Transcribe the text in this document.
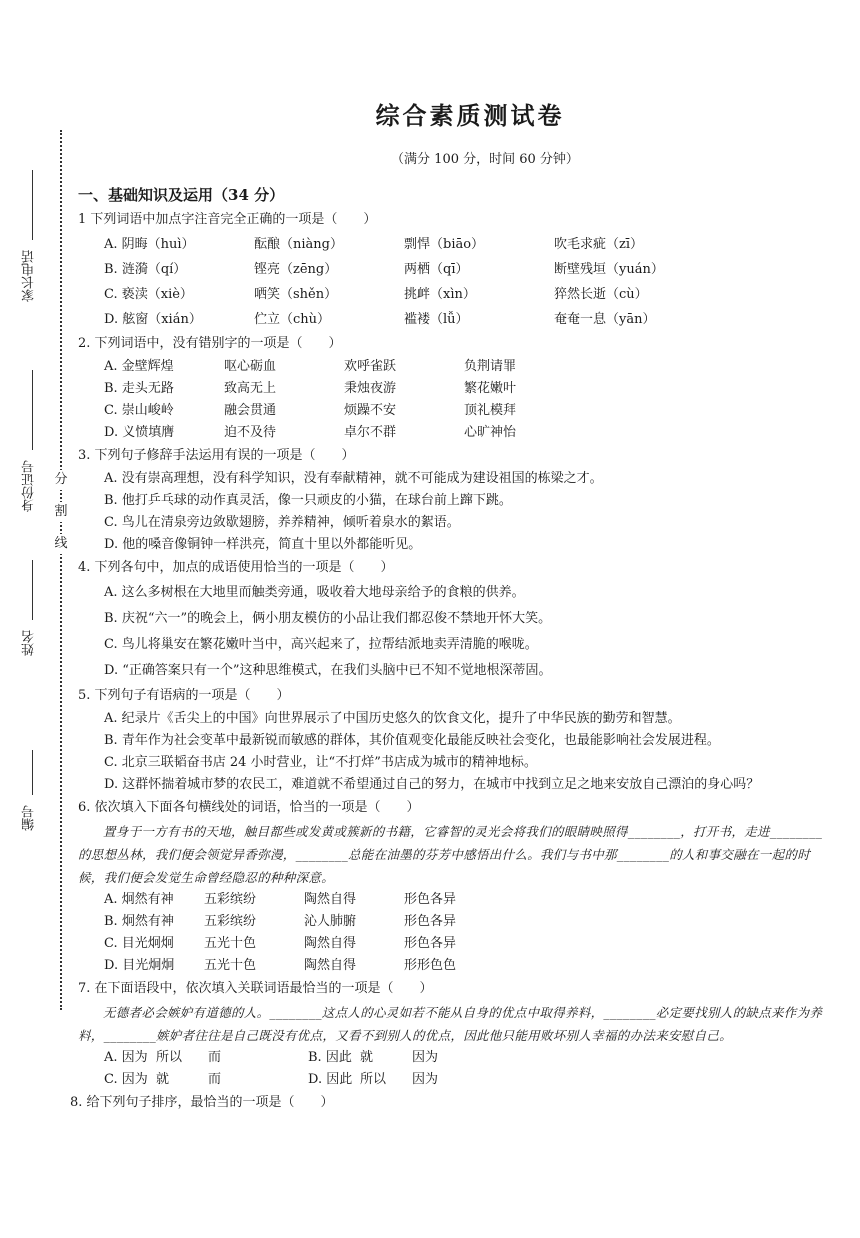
家长电话
身份证号
姓名
编号
分
割
线
综合素质测试卷
（满分 100 分，时间 60 分钟）
一、基础知识及运用（34 分）
1 下列词语中加点字注音完全正确的一项是（　　）
A. 阴晦（huì）	酝酿（niàng）	剽悍（biāo）	吹毛求疵（zī）
B. 涟漪（qí）	铿亮（zēng）	两栖（qī）	断壁残垣（yuán）
C. 亵渎（xiè）	哂笑（shěn）	挑衅（xìn）	猝然长逝（cù）
D. 舷窗（xián）	伫立（chù）	褴褛（lǚ）	奄奄一息（yān）
2. 下列词语中，没有错别字的一项是（　　）
A. 金壁辉煌	呕心砺血	欢呼雀跃	负荆请罪
B. 走头无路	致高无上	秉烛夜游	繁花嫩叶
C. 崇山峻岭	融会贯通	烦躁不安	顶礼模拜
D. 义愤填膺	迫不及待	卓尔不群	心旷神怡
3. 下列句子修辞手法运用有误的一项是（　　）
A. 没有崇高理想，没有科学知识，没有奉献精神，就不可能成为建设祖国的栋梁之才。
B. 他打乒乓球的动作真灵活，像一只顽皮的小猫，在球台前上蹿下跳。
C. 鸟儿在清泉旁边敛歇翅膀，养养精神，倾听着泉水的絮语。
D. 他的嗓音像铜钟一样洪亮，简直十里以外都能听见。
4. 下列各句中，加点的成语使用恰当的一项是（　　）
A. 这么多树根在大地里而触类旁通，吸收着大地母亲给予的食粮的供养。
B. 庆祝“六一”的晚会上，俩小朋友模仿的小品让我们都忍俊不禁地开怀大笑。
C. 鸟儿将巢安在繁花嫩叶当中，高兴起来了，拉帮结派地卖弄清脆的喉咙。
D. “正确答案只有一个”这种思维模式，在我们头脑中已不知不觉地根深蒂固。
5. 下列句子有语病的一项是（　　）
A. 纪录片《舌尖上的中国》向世界展示了中国历史悠久的饮食文化，提升了中华民族的勤劳和智慧。
B. 青年作为社会变革中最新锐而敏感的群体，其价值观变化最能反映社会变化，也最能影响社会发展进程。
C. 北京三联韬奋书店 24 小时营业，让“不打烊”书店成为城市的精神地标。
D. 这群怀揣着城市梦的农民工，难道就不希望通过自己的努力，在城市中找到立足之地来安放自己漂泊的身心吗？
6. 依次填入下面各句横线处的词语，恰当的一项是（　　）
置身于一方有书的天地，触目都些或发黄或簇新的书籍，它睿智的灵光会将我们的眼睛映照得________，打开书，走进________的思想丛林，我们便会领觉异香弥漫，________总能在油墨的芬芳中感悟出什么。我们与书中那________的人和事交融在一起的时候，我们便会发觉生命曾经隐忍的种种深意。
A. 炯然有神	五彩缤纷	陶然自得	形色各异
B. 炯然有神	五彩缤纷	沁人肺腑	形色各异
C. 目光炯炯	五光十色	陶然自得	形色各异
D. 目光炯炯	五光十色	陶然自得	形形色色
7. 在下面语段中，依次填入关联词语最恰当的一项是（　　）
无德者必会嫉妒有道德的人。________这点人的心灵如若不能从自身的优点中取得养料，________必定要找别人的缺点来作为养料，________嫉妒者往往是自己既没有优点，又看不到别人的优点，因此他只能用败坏别人幸福的办法来安慰自己。
A. 因为 所以	而	B. 因此 就	因为
C. 因为 就	而	D. 因此 所以	因为
8. 给下列句子排序，最恰当的一项是（　　）
